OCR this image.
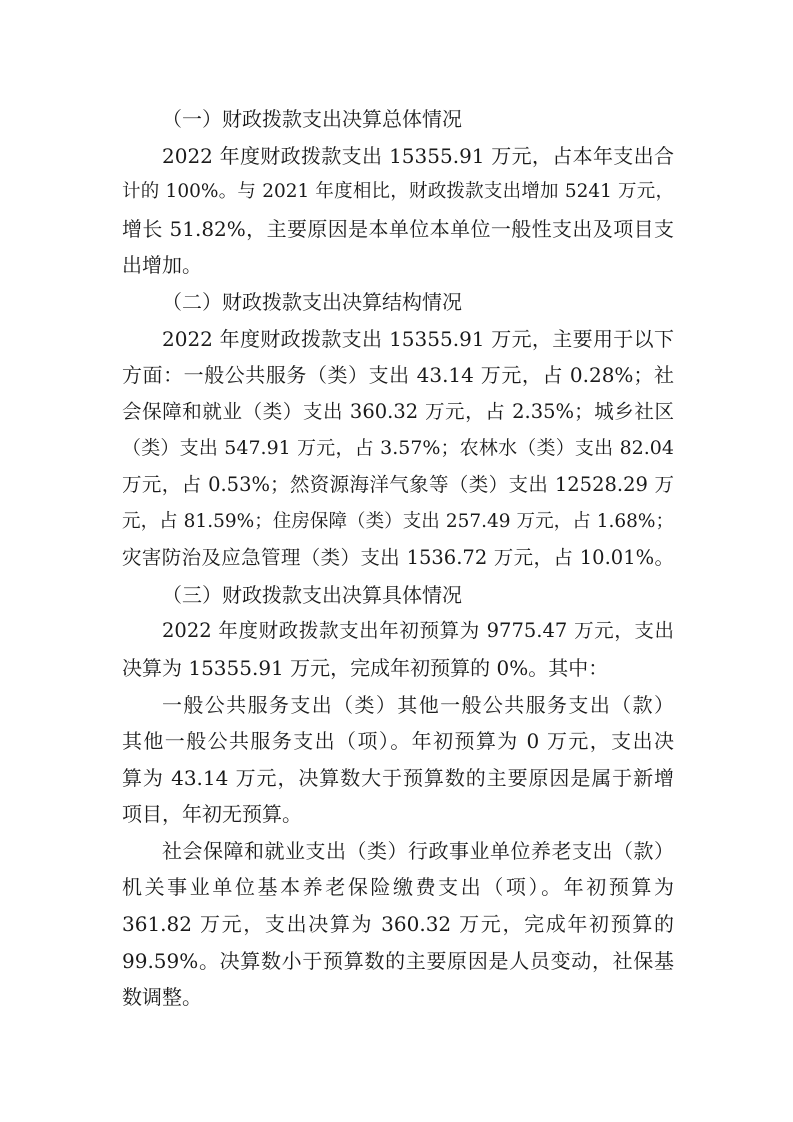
（一）财政拨款支出决算总体情况

2022 年度财政拨款支出 15355.91 万元，占本年支出合
计的 100%。与 2021 年度相比，财政拨款支出增加 5241 万元，
增长 51.82%，主要原因是本单位本单位一般性支出及项目支
出增加。

（二）财政拨款支出决算结构情况

2022 年度财政拨款支出 15355.91 万元，主要用于以下
方面：一般公共服务（类）支出 43.14 万元，占 0.28%；社
会保障和就业（类）支出 360.32 万元，占 2.35%；城乡社区
（类）支出 547.91 万元，占 3.57%；农林水（类）支出 82.04
万元，占 0.53%；然资源海洋气象等（类）支出 12528.29 万
元，占 81.59%；住房保障（类）支出 257.49 万元，占 1.68%；
灾害防治及应急管理（类）支出 1536.72 万元，占 10.01%。

（三）财政拨款支出决算具体情况

2022 年度财政拨款支出年初预算为 9775.47 万元，支出
决算为 15355.91 万元，完成年初预算的 0%。其中：

一般公共服务支出（类）其他一般公共服务支出（款）
其他一般公共服务支出（项）。年初预算为 0 万元，支出决
算为 43.14 万元，决算数大于预算数的主要原因是属于新增
项目，年初无预算。

社会保障和就业支出（类）行政事业单位养老支出（款）
机关事业单位基本养老保险缴费支出（项）。年初预算为
361.82 万元，支出决算为 360.32 万元，完成年初预算的
99.59%。决算数小于预算数的主要原因是人员变动，社保基
数调整。
